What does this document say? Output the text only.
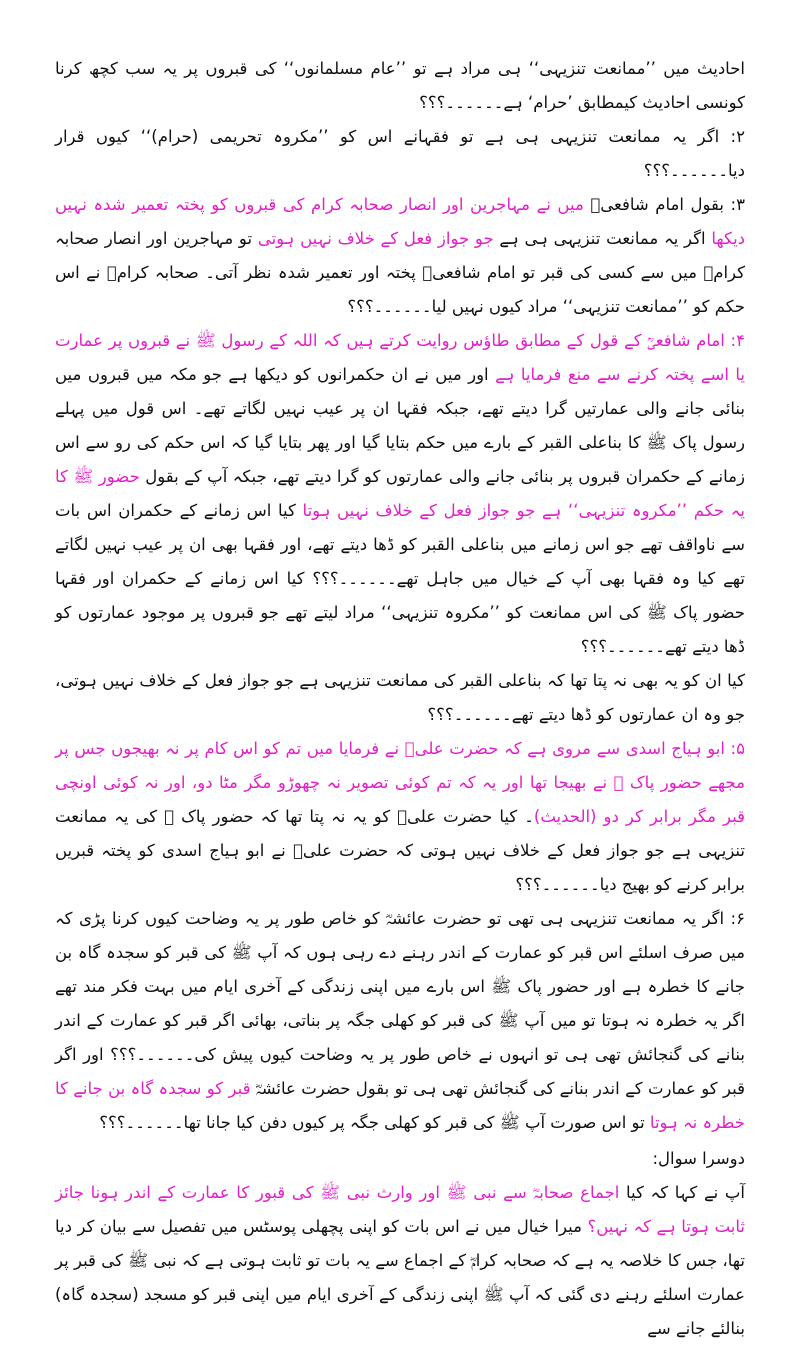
احادیث میں ’’ممانعت تنزیہی‘‘ ہی مراد ہے تو ’’عام مسلمانوں‘‘ کی قبروں پر یہ سب کچھ کرنا کونسی احادیث کیمطابق ’حرام‘ ہے۔۔۔۔۔۔؟؟؟

۲: اگر یہ ممانعت تنزیہی ہی ہے تو فقہانے اس کو ’’مکروہ تحریمی (حرام)‘‘ کیوں قرار دیا۔۔۔۔۔۔؟؟؟

۳: بقول امام شافعیؒ میں نے مہاجرین اور انصار صحابہ کرام کی قبروں کو پختہ تعمیر شدہ نہیں دیکھا اگر یہ ممانعت تنزیہی ہی ہے جو جواز فعل کے خلاف نہیں ہوتی تو مہاجرین اور انصار صحابہ کرامؓ میں سے کسی کی قبر تو امام شافعیؒ پختہ اور تعمیر شدہ نظر آتی۔ صحابہ کرامؓ نے اس حکم کو ’’ممانعت تنزیہی‘‘ مراد کیوں نہیں لیا۔۔۔۔۔۔؟؟؟

۴: امام شافعیؒ کے قول کے مطابق طاؤس روایت کرتے ہیں کہ اللہ کے رسول ﷺ نے قبروں پر عمارت یا اسے پختہ کرنے سے منع فرمایا ہے اور میں نے ان حکمرانوں کو دیکھا ہے جو مکہ میں قبروں میں بنائی جانے والی عمارتیں گرا دیتے تھے، جبکہ فقہا ان پر عیب نہیں لگاتے تھے۔ اس قول میں پہلے رسول پاک ﷺ کا بناعلی القبر کے بارے میں حکم بتایا گیا اور پھر بتایا گیا کہ اس حکم کی رو سے اس زمانے کے حکمران قبروں پر بنائی جانے والی عمارتوں کو گرا دیتے تھے، جبکہ آپ کے بقول حضور ﷺ کا یہ حکم ’’مکروہ تنزیہی‘‘ ہے جو جواز فعل کے خلاف نہیں ہوتا کیا اس زمانے کے حکمران اس بات سے ناواقف تھے جو اس زمانے میں بناعلی القبر کو ڈھا دیتے تھے، اور فقہا بھی ان پر عیب نہیں لگاتے تھے کیا وہ فقہا بھی آپ کے خیال میں جاہل تھے۔۔۔۔۔۔؟؟؟ کیا اس زمانے کے حکمران اور فقہا حضور پاک ﷺ کی اس ممانعت کو ’’مکروہ تنزیہی‘‘ مراد لیتے تھے جو قبروں پر موجود عمارتوں کو ڈھا دیتے تھے۔۔۔۔۔۔؟؟؟

کیا ان کو یہ بھی نہ پتا تھا کہ بناعلی القبر کی ممانعت تنزیہی ہے جو جواز فعل کے خلاف نہیں ہوتی، جو وہ ان عمارتوں کو ڈھا دیتے تھے۔۔۔۔۔۔؟؟؟

۵: ابو ہیاج اسدی سے مروی ہے کہ حضرت علیؓ نے فرمایا میں تم کو اس کام پر نہ بھیجوں جس پر مجھے حضور پاک ﷺ نے بھیجا تھا اور یہ کہ تم کوئی تصویر نہ چھوڑو مگر مٹا دو، اور نہ کوئی اونچی قبر مگر برابر کر دو (الحدیث)۔ کیا حضرت علیؓ کو یہ نہ پتا تھا کہ حضور پاک ﷺ کی یہ ممانعت تنزیہی ہے جو جواز فعل کے خلاف نہیں ہوتی کہ حضرت علیؓ نے ابو ہیاج اسدی کو پختہ قبریں برابر کرنے کو بھیج دیا۔۔۔۔۔۔؟؟؟

۶: اگر یہ ممانعت تنزیہی ہی تھی تو حضرت عائشہؓ کو خاص طور پر یہ وضاحت کیوں کرنا پڑی کہ میں صرف اسلئے اس قبر کو عمارت کے اندر رہنے دے رہی ہوں کہ آپ ﷺ کی قبر کو سجدہ گاہ بن جانے کا خطرہ ہے اور حضور پاک ﷺ اس بارے میں اپنی زندگی کے آخری ایام میں بہت فکر مند تھے اگر یہ خطرہ نہ ہوتا تو میں آپ ﷺ کی قبر کو کھلی جگہ پر بناتی، بھائی اگر قبر کو عمارت کے اندر بنانے کی گنجائش تھی ہی تو انہوں نے خاص طور پر یہ وضاحت کیوں پیش کی۔۔۔۔۔۔؟؟؟ اور اگر قبر کو عمارت کے اندر بنانے کی گنجائش تھی ہی تو بقول حضرت عائشہؓ قبر کو سجدہ گاہ بن جانے کا خطرہ نہ ہوتا تو اس صورت آپ ﷺ کی قبر کو کھلی جگہ پر کیوں دفن کیا جانا تھا۔۔۔۔۔۔؟؟؟

دوسرا سوال:

آپ نے کہا کہ کیا اجماع صحابہؓ سے نبی ﷺ اور وارث نبی ﷺ کی قبور کا عمارت کے اندر ہونا جائز ثابت ہوتا ہے کہ نہیں؟ میرا خیال میں نے اس بات کو اپنی پچھلی پوسٹس میں تفصیل سے بیان کر دیا تھا، جس کا خلاصہ یہ ہے کہ صحابہ کرامؓ کے اجماع سے یہ بات تو ثابت ہوتی ہے کہ نبی ﷺ کی قبر پر عمارت اسلئے رہنے دی گئی کہ آپ ﷺ اپنی زندگی کے آخری ایام میں اپنی قبر کو مسجد (سجدہ گاہ) بنالئے جانے سے
